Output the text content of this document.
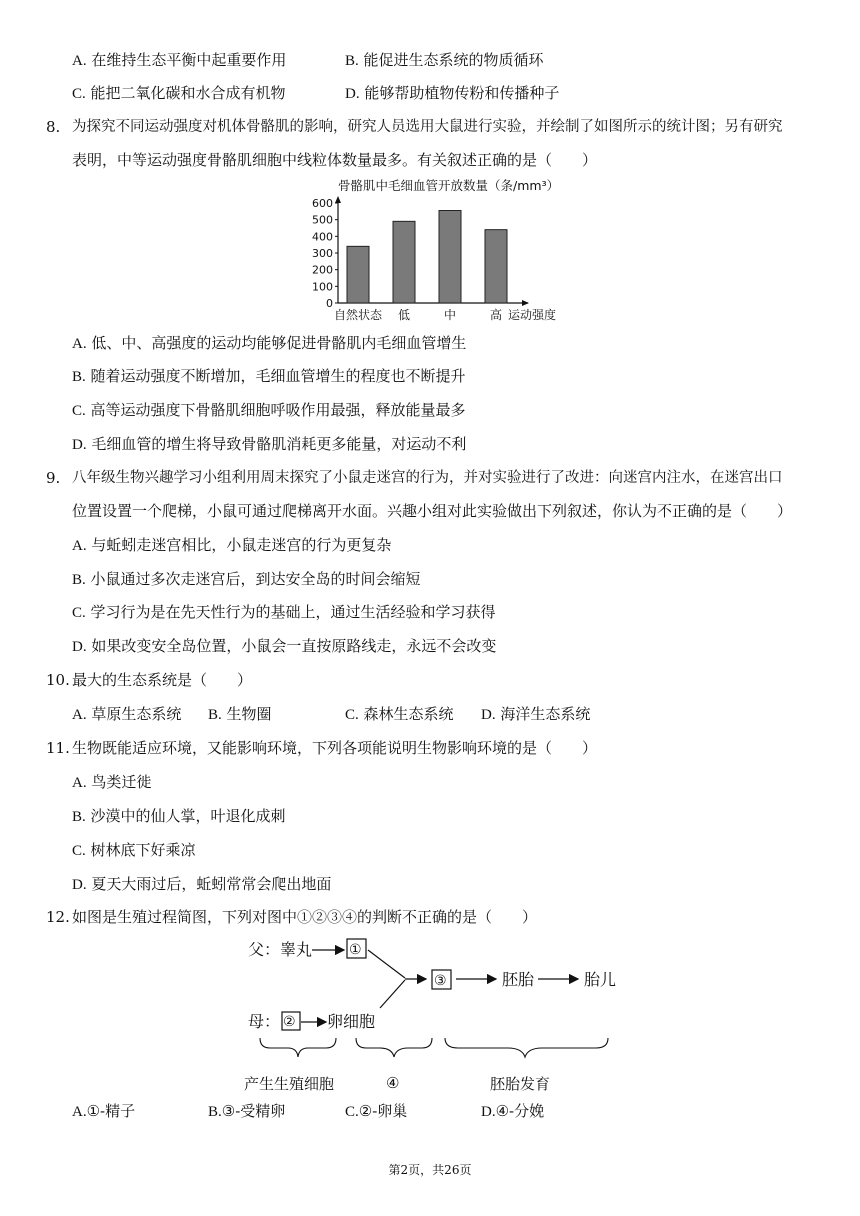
A. 在维持生态平衡中起重要作用	B. 能促进生态系统的物质循环
C. 能把二氧化碳和水合成有机物	D. 能够帮助植物传粉和传播种子
8. 为探究不同运动强度对机体骨骼肌的影响，研究人员选用大鼠进行实验，并绘制了如图所示的统计图；另有研究
表明，中等运动强度骨骼肌细胞中线粒体数量最多。有关叙述正确的是（　　）
骨骼肌中毛细血管开放数量（条/mm³）
0
100
200
300
400
500
600
自然状态 低	中	高 运动强度
A. 低、中、高强度的运动均能够促进骨骼肌内毛细血管增生
B. 随着运动强度不断增加，毛细血管增生的程度也不断提升
C. 高等运动强度下骨骼肌细胞呼吸作用最强，释放能量最多
D. 毛细血管的增生将导致骨骼肌消耗更多能量，对运动不利
9. 八年级生物兴趣学习小组利用周末探究了小鼠走迷宫的行为，并对实验进行了改进：向迷宫内注水，在迷宫出口
位置设置一个爬梯，小鼠可通过爬梯离开水面。兴趣小组对此实验做出下列叙述，你认为不正确的是（　　）
A. 与蚯蚓走迷宫相比，小鼠走迷宫的行为更复杂
B. 小鼠通过多次走迷宫后，到达安全岛的时间会缩短
C. 学习行为是在先天性行为的基础上，通过生活经验和学习获得
D. 如果改变安全岛位置，小鼠会一直按原路线走，永远不会改变
10. 最大的生态系统是（　　）
A. 草原生态系统 B. 生物圈	C. 森林生态系统 D. 海洋生态系统
11. 生物既能适应环境，又能影响环境，下列各项能说明生物影响环境的是（　　）
A. 鸟类迁徙
B. 沙漠中的仙人掌，叶退化成刺
C. 树林底下好乘凉
D. 夏天大雨过后，蚯蚓常常会爬出地面
12. 如图是生殖过程简图，下列对图中①②③④的判断不正确的是（　　）
父：睾丸	①
母： ② 卵细胞
③	胚胎	胎儿
产生生殖细胞	④	胚胎发育
A.①-精子	B.③-受精卵	C.②-卵巢	D.④-分娩
第2页，共26页
